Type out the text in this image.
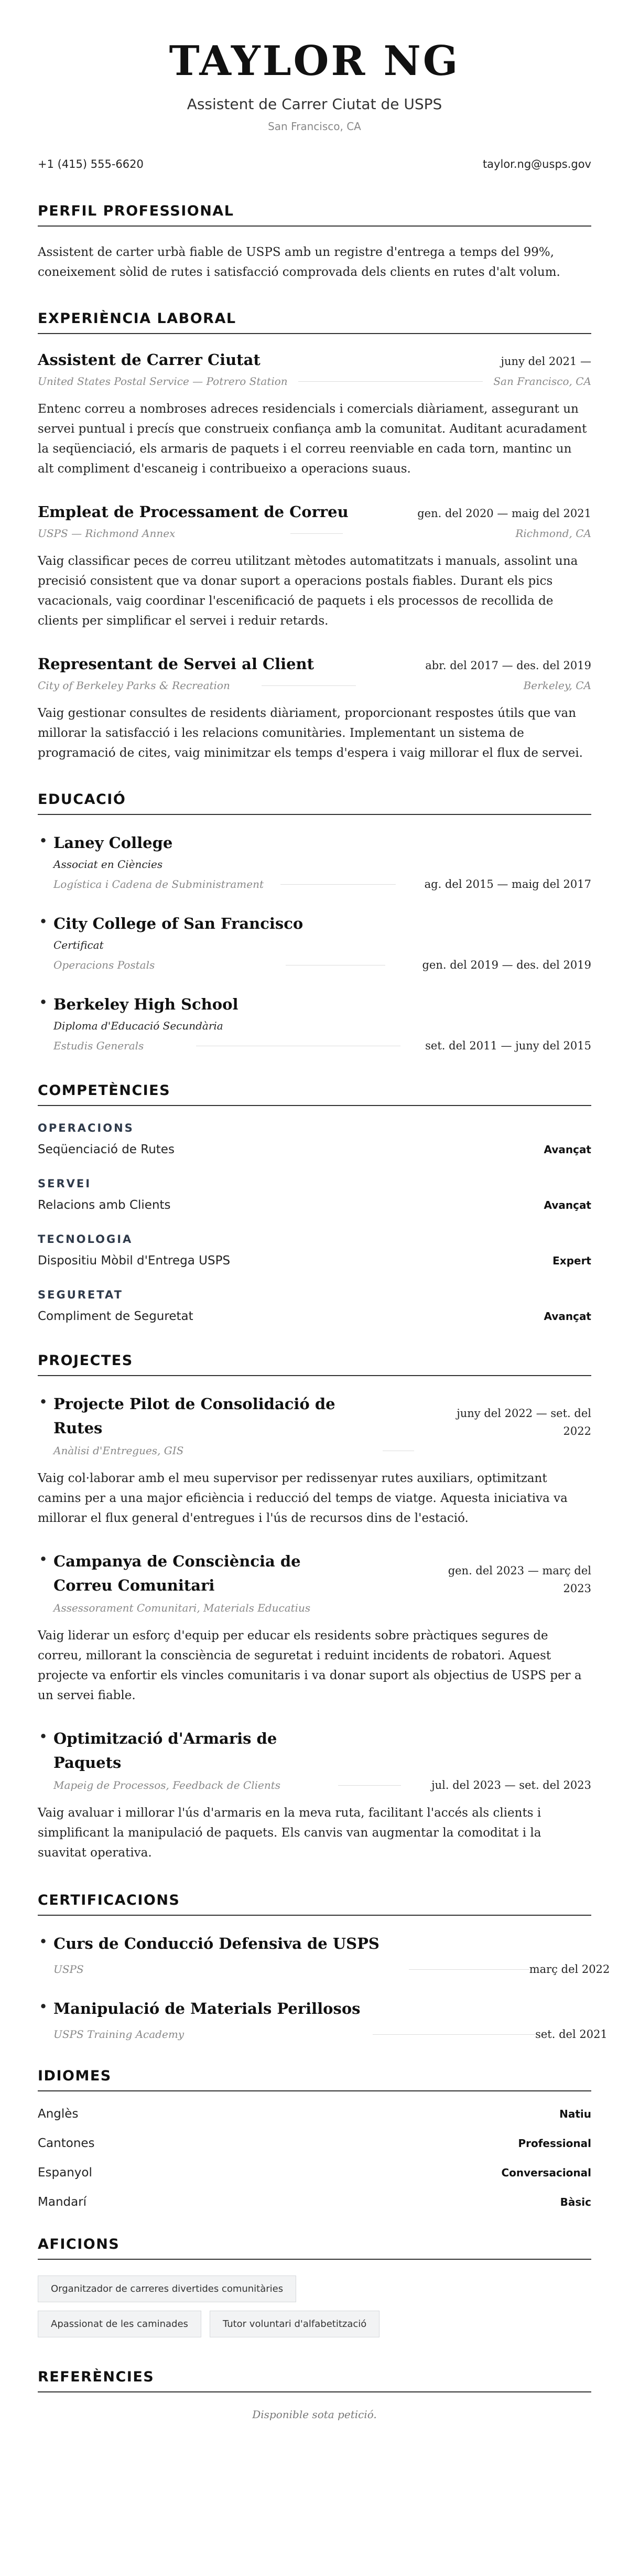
TAYLOR NG
Assistent de Carrer Ciutat de USPS
San Francisco, CA
+1 (415) 555-6620	taylor.ng@usps.gov
PERFIL PROFESSIONAL

Assistent de carter urbà fiable de USPS amb un registre d'entrega a temps del 99%, coneixement sòlid de rutes i satisfacció comprovada dels clients en rutes d'alt volum.

EXPERIÈNCIA LABORAL
Assistent de Carrer Ciutat	juny del 2021 —
United States Postal Service — Potrero Station	San Francisco, CA

Entenc correu a nombroses adreces residencials i comercials diàriament, assegurant un servei puntual i precís que construeix confiança amb la comunitat. Auditant acuradament la seqüenciació, els armaris de paquets i el correu reenviable en cada torn, mantinc un alt compliment d'escaneig i contribueixo a operacions suaus.

Empleat de Processament de Correu	gen. del 2020 — maig del 2021
USPS — Richmond Annex	Richmond, CA

Vaig classificar peces de correu utilitzant mètodes automatitzats i manuals, assolint una precisió consistent que va donar suport a operacions postals fiables. Durant els pics vacacionals, vaig coordinar l'escenificació de paquets i els processos de recollida de clients per simplificar el servei i reduir retards.

Representant de Servei al Client	abr. del 2017 — des. del 2019
City of Berkeley Parks & Recreation	Berkeley, CA

Vaig gestionar consultes de residents diàriament, proporcionant respostes útils que van millorar la satisfacció i les relacions comunitàries. Implementant un sistema de programació de cites, vaig minimitzar els temps d'espera i vaig millorar el flux de servei.

EDUCACIÓ
• Laney College
Associat en Ciències
Logística i Cadena de Subministrament	ag. del 2015 — maig del 2017
• City College of San Francisco
Certificat
Operacions Postals	gen. del 2019 — des. del 2019
• Berkeley High School
Diploma d'Educació Secundària
Estudis Generals	set. del 2011 — juny del 2015
COMPETÈNCIES
OPERACIONS
Seqüenciació de Rutes	Avançat
SERVEI
Relacions amb Clients	Avançat
TECNOLOGIA
Dispositiu Mòbil d'Entrega USPS	Expert
SEGURETAT
Compliment de Seguretat	Avançat
PROJECTES
• Projecte Pilot de Consolidació de Rutes
juny del 2022 — set. del 2022
Anàlisi d'Entregues, GIS

Vaig col·laborar amb el meu supervisor per redissenyar rutes auxiliars, optimitzant camins per a una major eficiència i reducció del temps de viatge. Aquesta iniciativa va millorar el flux general d'entregues i l'ús de recursos dins de l'estació.

• Campanya de Consciència de Correu Comunitari
gen. del 2023 — març del 2023
Assessorament Comunitari, Materials Educatius

Vaig liderar un esforç d'equip per educar els residents sobre pràctiques segures de correu, millorant la consciència de seguretat i reduint incidents de robatori. Aquest projecte va enfortir els vincles comunitaris i va donar suport als objectius de USPS per a un servei fiable.

• Optimització d'Armaris de Paquets
Mapeig de Processos, Feedback de Clients	jul. del 2023 — set. del 2023

Vaig avaluar i millorar l'ús d'armaris en la meva ruta, facilitant l'accés als clients i simplificant la manipulació de paquets. Els canvis van augmentar la comoditat i la suavitat operativa.

CERTIFICACIONS
• Curs de Conducció Defensiva de USPS
USPS	març del 2022
• Manipulació de Materials Perillosos
USPS Training Academy	set. del 2021
IDIOMES
Anglès	Natiu
Cantones	Professional
Espanyol	Conversacional
Mandarí	Bàsic
AFICIONS
Organitzador de carreres divertides comunitàries
Apassionat de les caminades	Tutor voluntari d'alfabetització
REFERÈNCIES
Disponible sota petició.
